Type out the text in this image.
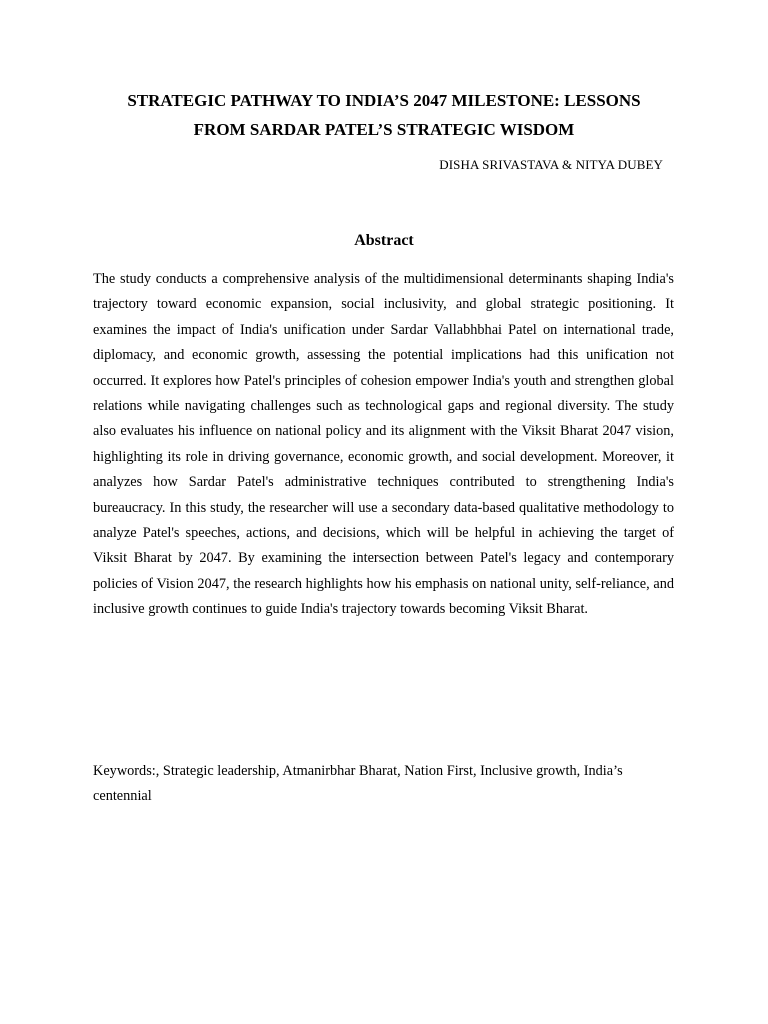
STRATEGIC PATHWAY TO INDIA’S 2047 MILESTONE: LESSONS
FROM SARDAR PATEL’S STRATEGIC WISDOM
DISHA SRIVASTAVA & NITYA DUBEY
Abstract

The study conducts a comprehensive analysis of the multidimensional determinants shaping India's trajectory toward economic expansion, social inclusivity, and global strategic positioning. It examines the impact of India's unification under Sardar Vallabhbhai Patel on international trade, diplomacy, and economic growth, assessing the potential implications had this unification not occurred. It explores how Patel's principles of cohesion empower India's youth and strengthen global relations while navigating challenges such as technological gaps and regional diversity. The study also evaluates his influence on national policy and its alignment with the Viksit Bharat 2047 vision, highlighting its role in driving governance, economic growth, and social development. Moreover, it analyzes how Sardar Patel's administrative techniques contributed to strengthening India's bureaucracy. In this study, the researcher will use a secondary data-based qualitative methodology to analyze Patel's speeches, actions, and decisions, which will be helpful in achieving the target of Viksit Bharat by 2047. By examining the intersection between Patel's legacy and contemporary policies of Vision 2047, the research highlights how his emphasis on national unity, self-reliance, and inclusive growth continues to guide India's trajectory towards becoming Viksit Bharat.

Keywords:, Strategic leadership, Atmanirbhar Bharat, Nation First, Inclusive growth, India’s centennial
